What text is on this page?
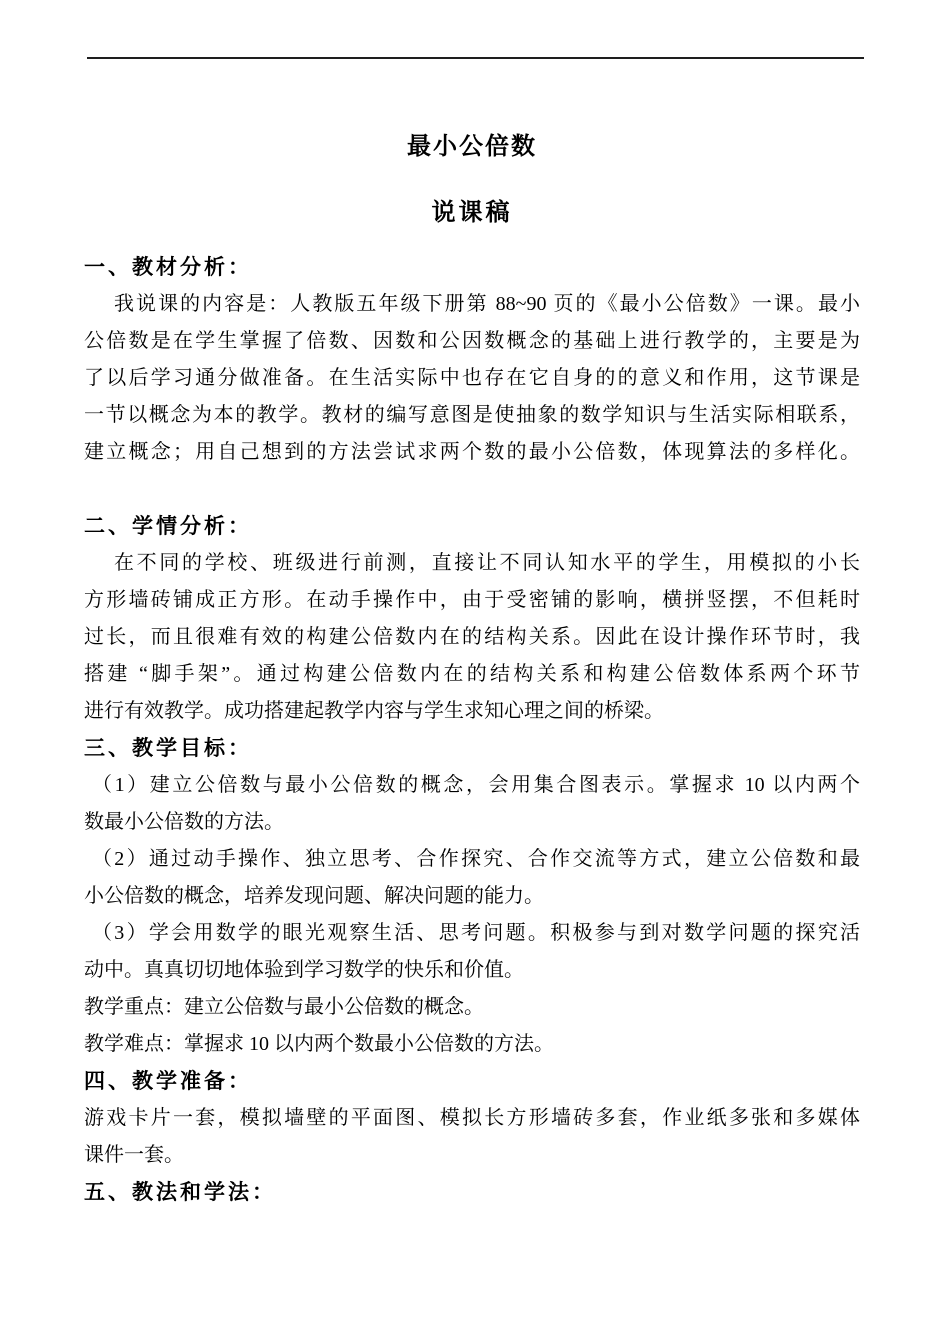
最小公倍数
说课稿
一、教材分析：
我说课的内容是：人教版五年级下册第 88~90 页的《最小公倍数》一课。最小
公倍数是在学生掌握了倍数、因数和公因数概念的基础上进行教学的，主要是为
了以后学习通分做准备。在生活实际中也存在它自身的的意义和作用，这节课是
一节以概念为本的教学。教材的编写意图是使抽象的数学知识与生活实际相联系，
建立概念；用自己想到的方法尝试求两个数的最小公倍数，体现算法的多样化。
二、学情分析：
在不同的学校、班级进行前测，直接让不同认知水平的学生，用模拟的小长
方形墙砖铺成正方形。在动手操作中，由于受密铺的影响，横拼竖摆，不但耗时
过长，而且很难有效的构建公倍数内在的结构关系。因此在设计操作环节时，我
搭建 “脚手架”。通过构建公倍数内在的结构关系和构建公倍数体系两个环节
进行有效教学。成功搭建起教学内容与学生求知心理之间的桥梁。
三、教学目标：
（1）建立公倍数与最小公倍数的概念，会用集合图表示。掌握求 10 以内两个
数最小公倍数的方法。
（2）通过动手操作、独立思考、合作探究、合作交流等方式，建立公倍数和最
小公倍数的概念，培养发现问题、解决问题的能力。
（3）学会用数学的眼光观察生活、思考问题。积极参与到对数学问题的探究活
动中。真真切切地体验到学习数学的快乐和价值。
教学重点：建立公倍数与最小公倍数的概念。
教学难点：掌握求 10 以内两个数最小公倍数的方法。
四、教学准备：
游戏卡片一套，模拟墙壁的平面图、模拟长方形墙砖多套，作业纸多张和多媒体
课件一套。
五、教法和学法：
